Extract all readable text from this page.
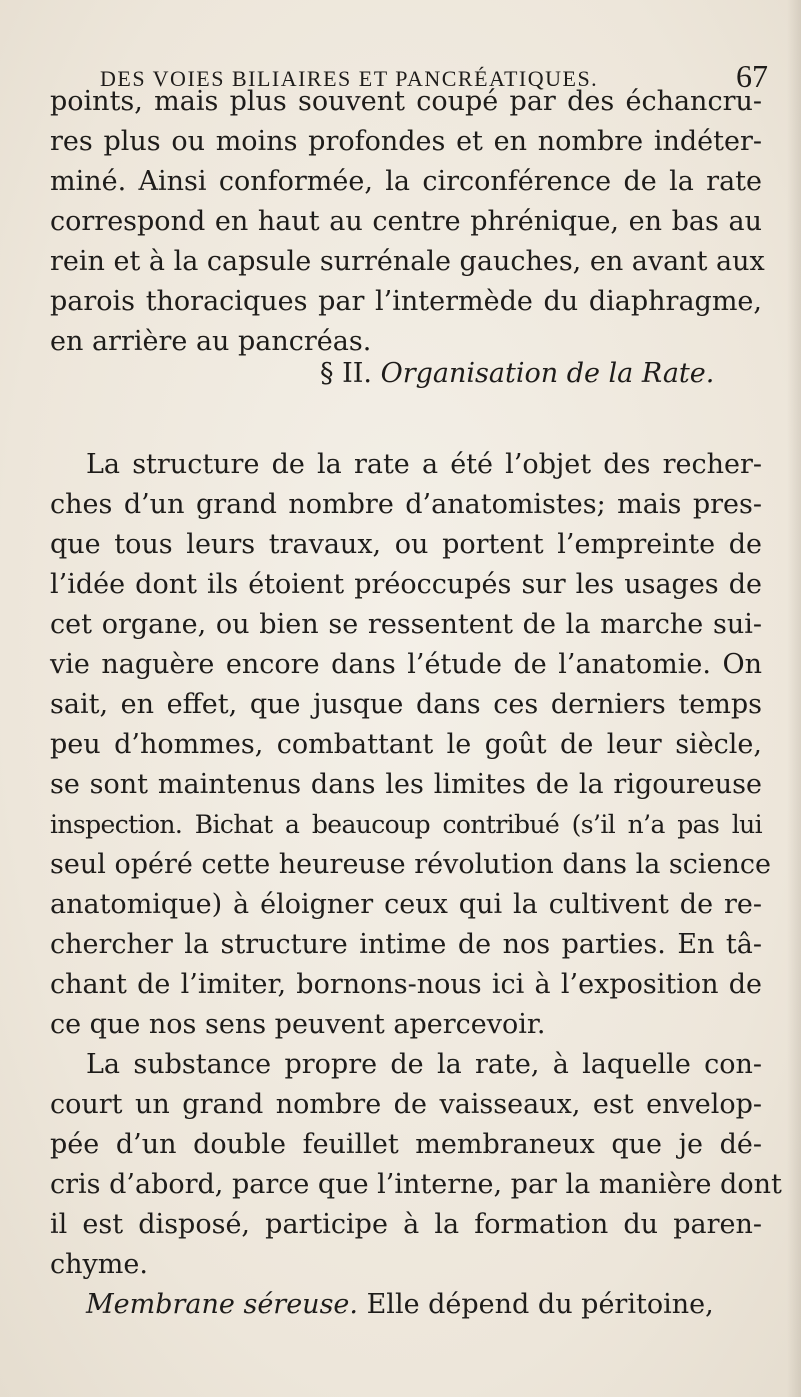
DES VOIES BILIAIRES ET PANCRÉATIQUES.	67
points, mais plus souvent coupé par des échancru-
res plus ou moins profondes et en nombre indéter-
miné. Ainsi conformée, la circonférence de la rate
correspond en haut au centre phrénique, en bas au
rein et à la capsule surrénale gauches, en avant aux
parois thoraciques par l’intermède du diaphragme,
en arrière au pancréas.
§ II. Organisation de la Rate.
La structure de la rate a été l’objet des recher-
ches d’un grand nombre d’anatomistes; mais pres-
que tous leurs travaux, ou portent l’empreinte de
l’idée dont ils étoient préoccupés sur les usages de
cet organe, ou bien se ressentent de la marche sui-
vie naguère encore dans l’étude de l’anatomie. On
sait, en effet, que jusque dans ces derniers temps
peu d’hommes, combattant le goût de leur siècle,
se sont maintenus dans les limites de la rigoureuse
inspection. Bichat a beaucoup contribué (s’il n’a pas lui
seul opéré cette heureuse révolution dans la science
anatomique) à éloigner ceux qui la cultivent de re-
chercher la structure intime de nos parties. En tâ-
chant de l’imiter, bornons-nous ici à l’exposition de
ce que nos sens peuvent apercevoir.
La substance propre de la rate, à laquelle con-
court un grand nombre de vaisseaux, est envelop-
pée d’un double feuillet membraneux que je dé-
cris d’abord, parce que l’interne, par la manière dont
il est disposé, participe à la formation du paren-
chyme.
Membrane séreuse. Elle dépend du péritoine,
